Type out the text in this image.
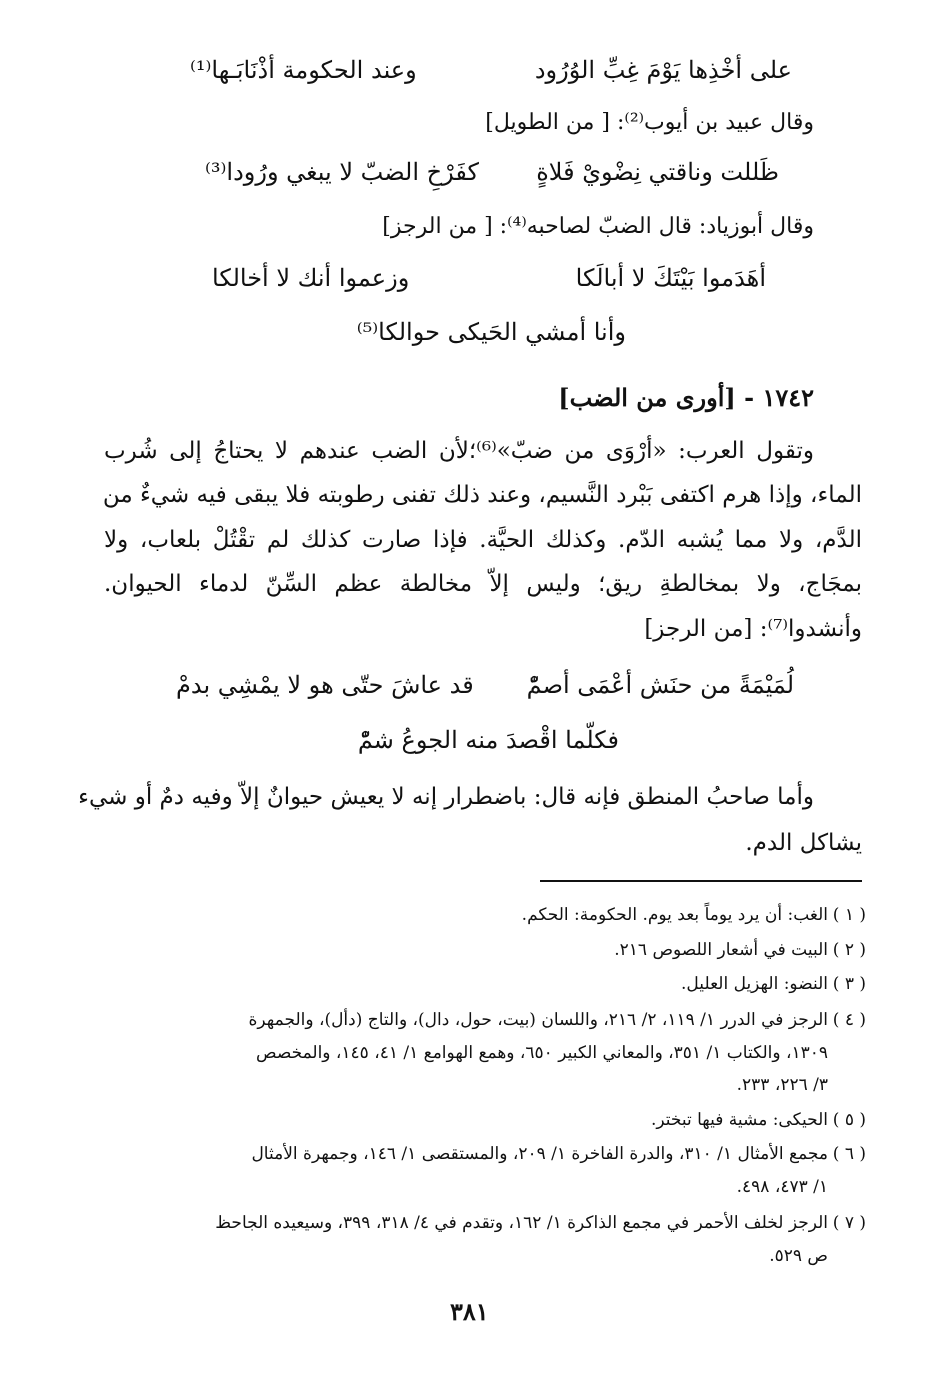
على أخْذِها يَوْمَ غِبِّ الوُرُود
وعند الحكومة أذْنَابَـها⁽¹⁾
وقال عبيد بن أيوب⁽²⁾: [ من الطويل]
ظَللت وناقتي نِضْويْ فَلاةٍ
كفَرْخِ الضبّ لا يبغي ورُودا⁽³⁾
وقال أبوزياد: قال الضبّ لصاحبه⁽⁴⁾: [ من الرجز]
أهَدَموا بَيْتَكَ لا أبالَكا
وزعموا أنك لا أخالكا
وأنا أمشي الحَيكى حوالكا⁽⁵⁾
١٧٤٢ - [أورى من الضب]
وتقول العرب: «أرْوَى من ضبّ»⁽⁶⁾؛لأن الضب عندهم لا يحتاجُ إلى شُرب
الماء، وإذا هرم اكتفى بَبْرد النَّسيم، وعند ذلك تفنى رطوبته فلا يبقى فيه شيءٌ من
الدَّم، ولا مما يُشبه الدّم. وكذلك الحيَّة. فإذا صارت كذلك لم تقْتُلْ بلعاب، ولا
بمجَاج، ولا بمخالطةِ ريق؛ وليس إلاّ مخالطة عظم السِّنّ لدماء الحيوان.
وأنشدوا⁽⁷⁾: [من الرجز]
لُمَيْمَةً من حنَش أعْمَى أصمّْ
قد عاشَ حتّى هو لا يمْشِي بدمْ
فكلّما اقْصدَ منه الجوعُ شمّْ
وأما صاحبُ المنطق فإنه قال: باضطرار إنه لا يعيش حيوانٌ إلاّ وفيه دمٌ أو شيء
يشاكل الدم.
( ١ )الغب: أن يرد يوماً بعد يوم. الحكومة: الحكم.
( ٢ )البيت في أشعار اللصوص ٢١٦.
( ٣ )النضو: الهزيل العليل.
( ٤ )الرجز في الدرر ١/ ١١٩، ٢/ ٢١٦، واللسان (بيت، حول، دال)، والتاج (دأل)، والجمهرة
١٣٠٩، والكتاب ١/ ٣٥١، والمعاني الكبير ٦٥٠، وهمع الهوامع ١/ ٤١، ١٤٥، والمخصص
٣/ ٢٢٦، ٢٣٣.
( ٥ )الحيكى: مشية فيها تبختر.
( ٦ )مجمع الأمثال ١/ ٣١٠، والدرة الفاخرة ١/ ٢٠٩، والمستقصى ١/ ١٤٦، وجمهرة الأمثال
١/ ٤٧٣، ٤٩٨.
( ٧ )الرجز لخلف الأحمر في مجمع الذاكرة ١/ ١٦٢، وتقدم في ٤/ ٣١٨، ٣٩٩، وسيعيده الجاحظ
ص ٥٢٩.
٣٨١
